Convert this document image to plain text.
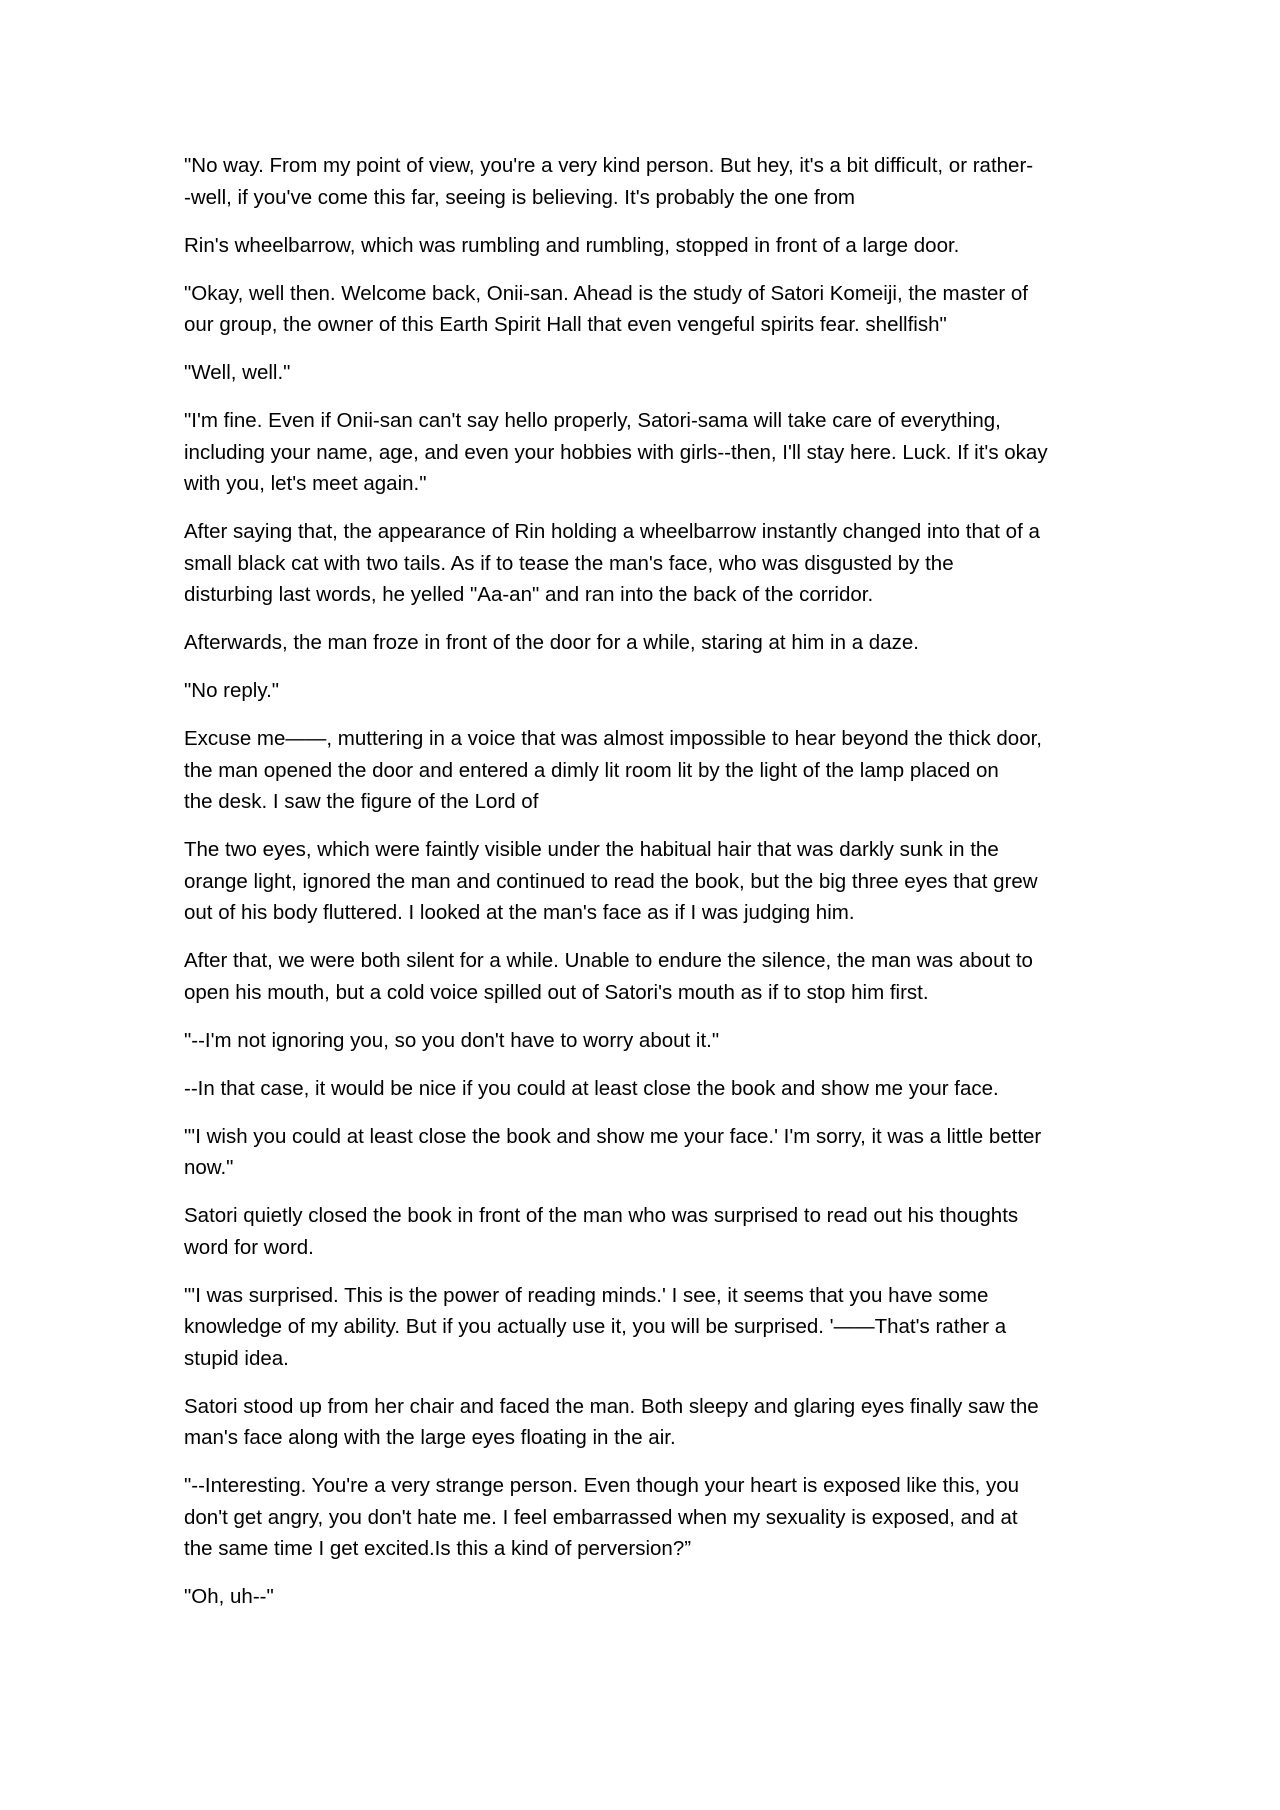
"No way. From my point of view, you're a very kind person. But hey, it's a bit difficult, or rather-
-well, if you've come this far, seeing is believing. It's probably the one from

Rin's wheelbarrow, which was rumbling and rumbling, stopped in front of a large door.

"Okay, well then. Welcome back, Onii-san. Ahead is the study of Satori Komeiji, the master of
our group, the owner of this Earth Spirit Hall that even vengeful spirits fear. shellfish"

"Well, well."

"I'm fine. Even if Onii-san can't say hello properly, Satori-sama will take care of everything,
including your name, age, and even your hobbies with girls--then, I'll stay here. Luck. If it's okay
with you, let's meet again."

After saying that, the appearance of Rin holding a wheelbarrow instantly changed into that of a
small black cat with two tails. As if to tease the man's face, who was disgusted by the
disturbing last words, he yelled "Aa-an" and ran into the back of the corridor.

Afterwards, the man froze in front of the door for a while, staring at him in a daze.

"No reply."

Excuse me——, muttering in a voice that was almost impossible to hear beyond the thick door,
the man opened the door and entered a dimly lit room lit by the light of the lamp placed on
the desk. I saw the figure of the Lord of

The two eyes, which were faintly visible under the habitual hair that was darkly sunk in the
orange light, ignored the man and continued to read the book, but the big three eyes that grew
out of his body fluttered. I looked at the man's face as if I was judging him.

After that, we were both silent for a while. Unable to endure the silence, the man was about to
open his mouth, but a cold voice spilled out of Satori's mouth as if to stop him first.

"--I'm not ignoring you, so you don't have to worry about it."

--In that case, it would be nice if you could at least close the book and show me your face.

"'I wish you could at least close the book and show me your face.' I'm sorry, it was a little better
now."

Satori quietly closed the book in front of the man who was surprised to read out his thoughts
word for word.

"'I was surprised. This is the power of reading minds.' I see, it seems that you have some
knowledge of my ability. But if you actually use it, you will be surprised. '——That's rather a
stupid idea.

Satori stood up from her chair and faced the man. Both sleepy and glaring eyes finally saw the
man's face along with the large eyes floating in the air.

"--Interesting. You're a very strange person. Even though your heart is exposed like this, you
don't get angry, you don't hate me. I feel embarrassed when my sexuality is exposed, and at
the same time I get excited.Is this a kind of perversion?”

"Oh, uh--"
